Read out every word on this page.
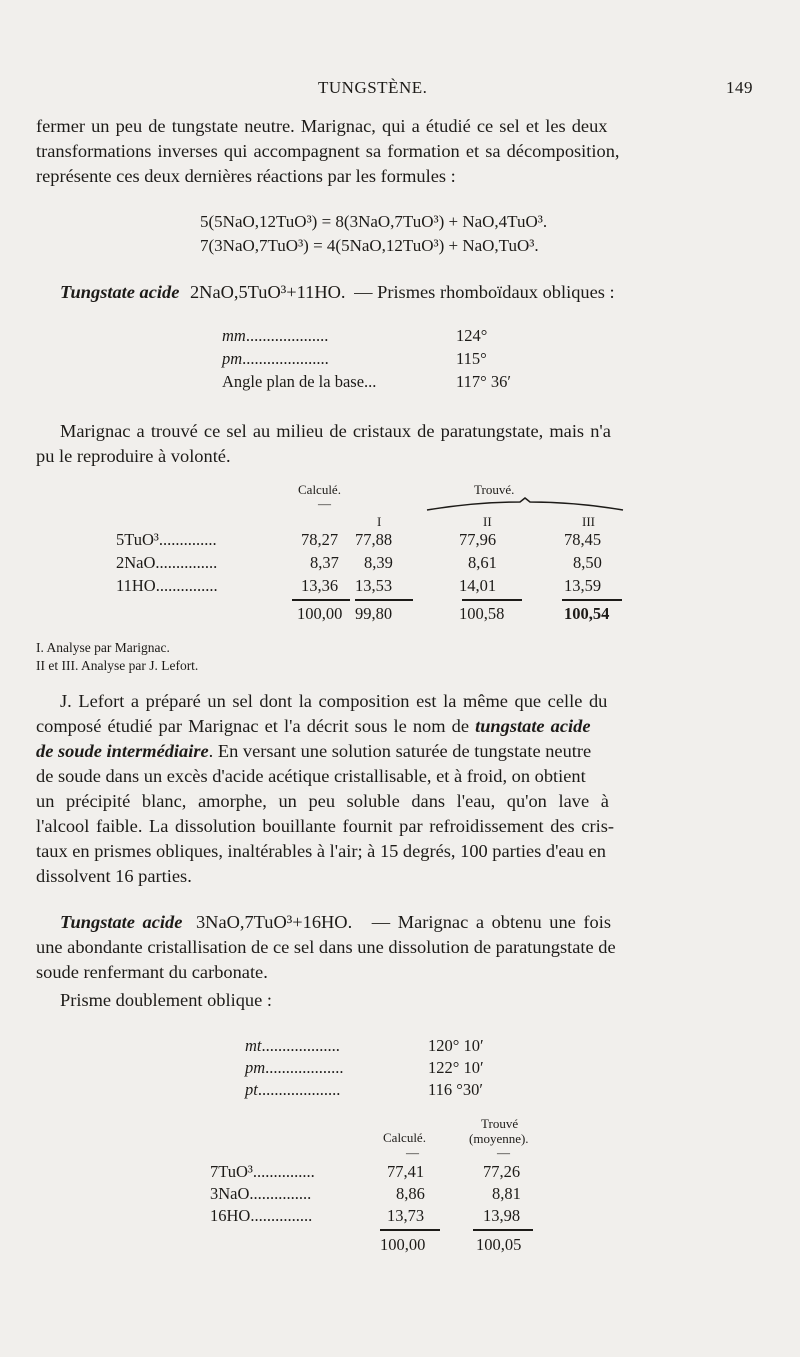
TUNGSTÈNE.	149
fermer un peu de tungstate neutre. Marignac, qui a étudié ce sel et les deux
transformations inverses qui accompagnent sa formation et sa décomposition,
représente ces deux dernières réactions par les formules :
5(5NaO,12TuO³) = 8(3NaO,7TuO³) + NaO,4TuO³.
7(3NaO,7TuO³) = 4(5NaO,12TuO³) + NaO,TuO³.
Tungstate acide 2NaO,5TuO³+11HO. — Prismes rhomboïdaux obliques :
mm....................	124°
pm.....................	115°
Angle plan de la base...	117° 36′
Marignac a trouvé ce sel au milieu de cristaux de paratungstate, mais n'a
pu le reproduire à volonté.
Calculé.
—
Trouvé.
I	II	III
5TuO³..............	78,27 77,88	77,96	78,45
2NaO...............	8,37 8,39	8,61	8,50
11HO...............	13,36 13,53	14,01	13,59
100,00 99,80	100,58	100,54
I. Analyse par Marignac.
II et III. Analyse par J. Lefort.
J. Lefort a préparé un sel dont la composition est la même que celle du
composé étudié par Marignac et l'a décrit sous le nom de tungstate acide
de soude intermédiaire. En versant une solution saturée de tungstate neutre
de soude dans un excès d'acide acétique cristallisable, et à froid, on obtient
un précipité blanc, amorphe, un peu soluble dans l'eau, qu'on lave à
l'alcool faible. La dissolution bouillante fournit par refroidissement des cris-
taux en prismes obliques, inaltérables à l'air; à 15 degrés, 100 parties d'eau en
dissolvent 16 parties.
Tungstate acide 3NaO,7TuO³+16HO. — Marignac a obtenu une fois
une abondante cristallisation de ce sel dans une dissolution de paratungstate de
soude renfermant du carbonate.
Prisme doublement oblique :
mt...................	120° 10′
pm...................	122° 10′
pt....................	116 °30′
Calculé.
—
Trouvé
(moyenne).
—
7TuO³...............	77,41	77,26
3NaO...............	8,86	8,81
16HO...............	13,73	13,98
100,00	100,05
